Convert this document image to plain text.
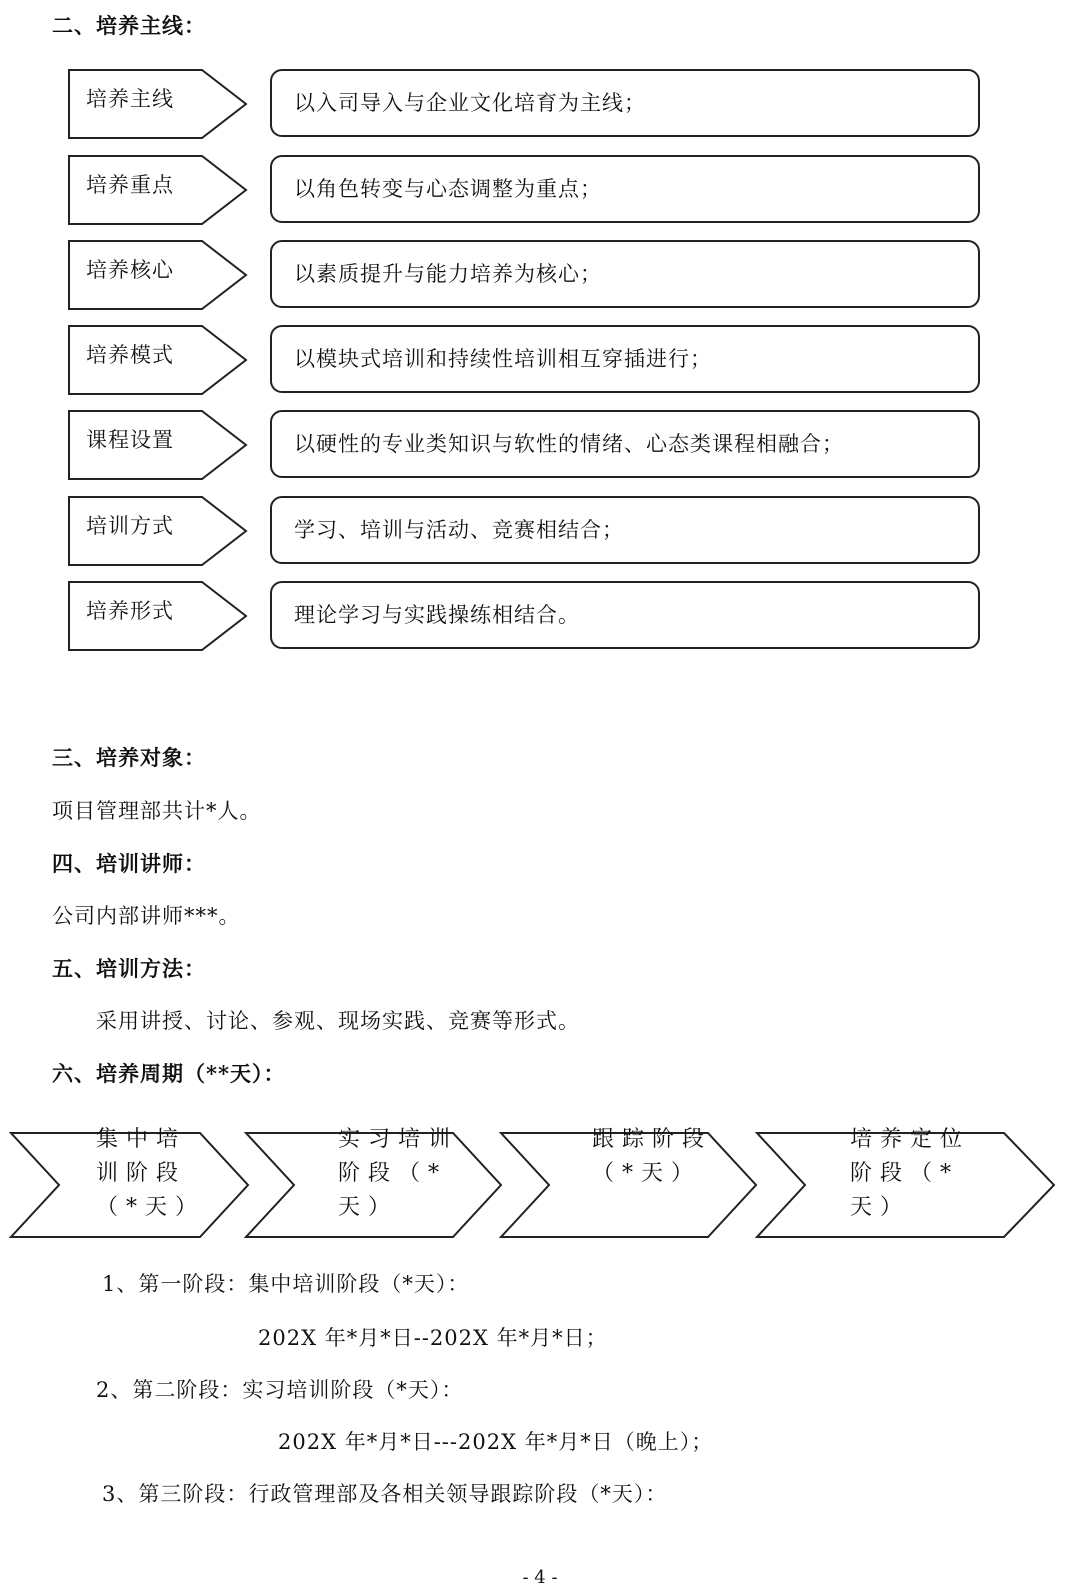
二、培养主线：
培养主线	以入司导入与企业文化培育为主线；
培养重点	以角色转变与心态调整为重点；
培养核心	以素质提升与能力培养为核心；
培养模式	以模块式培训和持续性培训相互穿插进行；
课程设置	以硬性的专业类知识与软性的情绪、心态类课程相融合；
培训方式	学习、培训与活动、竞赛相结合；
培养形式	理论学习与实践操练相结合。
三、培养对象：
项目管理部共计*人。
四、培训讲师：
公司内部讲师***。
五、培训方法：
采用讲授、讨论、参观、现场实践、竞赛等形式。
六、培养周期（**天）：
集中培训阶段（*天）
实习培训阶段（*天）
跟踪阶段（*天）
培养定位阶段（*天）
1、第一阶段：集中培训阶段（*天）：
202X 年*月*日--202X 年*月*日；
2、第二阶段：实习培训阶段（*天）：
202X 年*月*日---202X 年*月*日（晚上）；
3、第三阶段：行政管理部及各相关领导跟踪阶段（*天）：
- 4 -
